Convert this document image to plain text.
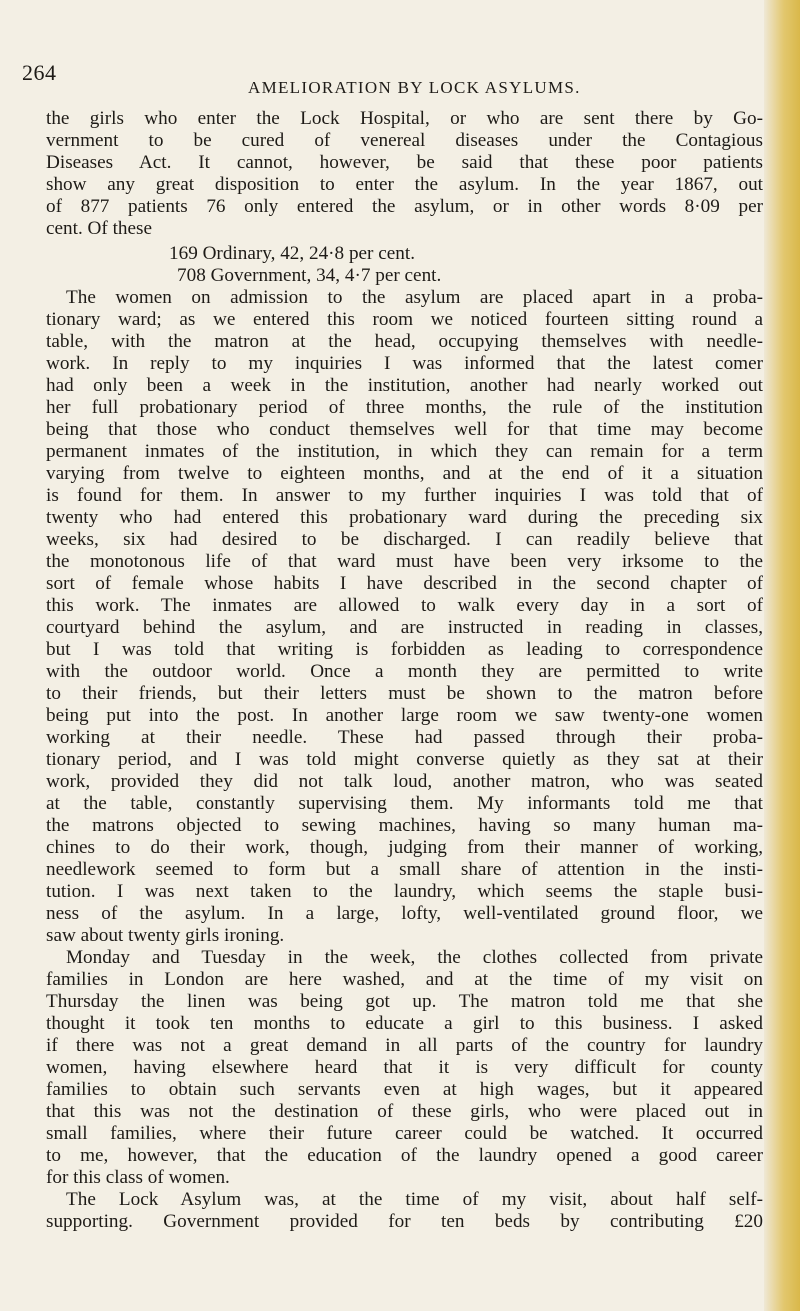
264
AMELIORATION BY LOCK ASYLUMS.
the girls who enter the Lock Hospital, or who are sent there by Go-
vernment to be cured of venereal diseases under the Contagious
Diseases Act. It cannot, however, be said that these poor patients
show any great disposition to enter the asylum. In the year 1867, out
of 877 patients 76 only entered the asylum, or in other words 8·09 per
cent. Of these
169 Ordinary, 42, 24·8 per cent.
708 Government, 34, 4·7 per cent.
The women on admission to the asylum are placed apart in a proba-
tionary ward; as we entered this room we noticed fourteen sitting round a
table, with the matron at the head, occupying themselves with needle-
work. In reply to my inquiries I was informed that the latest comer
had only been a week in the institution, another had nearly worked out
her full probationary period of three months, the rule of the institution
being that those who conduct themselves well for that time may become
permanent inmates of the institution, in which they can remain for a term
varying from twelve to eighteen months, and at the end of it a situation
is found for them. In answer to my further inquiries I was told that of
twenty who had entered this probationary ward during the preceding six
weeks, six had desired to be discharged. I can readily believe that
the monotonous life of that ward must have been very irksome to the
sort of female whose habits I have described in the second chapter of
this work. The inmates are allowed to walk every day in a sort of
courtyard behind the asylum, and are instructed in reading in classes,
but I was told that writing is forbidden as leading to correspondence
with the outdoor world. Once a month they are permitted to write
to their friends, but their letters must be shown to the matron before
being put into the post. In another large room we saw twenty-one women
working at their needle. These had passed through their proba-
tionary period, and I was told might converse quietly as they sat at their
work, provided they did not talk loud, another matron, who was seated
at the table, constantly supervising them. My informants told me that
the matrons objected to sewing machines, having so many human ma-
chines to do their work, though, judging from their manner of working,
needlework seemed to form but a small share of attention in the insti-
tution. I was next taken to the laundry, which seems the staple busi-
ness of the asylum. In a large, lofty, well-ventilated ground floor, we
saw about twenty girls ironing.
Monday and Tuesday in the week, the clothes collected from private
families in London are here washed, and at the time of my visit on
Thursday the linen was being got up. The matron told me that she
thought it took ten months to educate a girl to this business. I asked
if there was not a great demand in all parts of the country for laundry
women, having elsewhere heard that it is very difficult for county
families to obtain such servants even at high wages, but it appeared
that this was not the destination of these girls, who were placed out in
small families, where their future career could be watched. It occurred
to me, however, that the education of the laundry opened a good career
for this class of women.
The Lock Asylum was, at the time of my visit, about half self-
supporting. Government provided for ten beds by contributing £20
